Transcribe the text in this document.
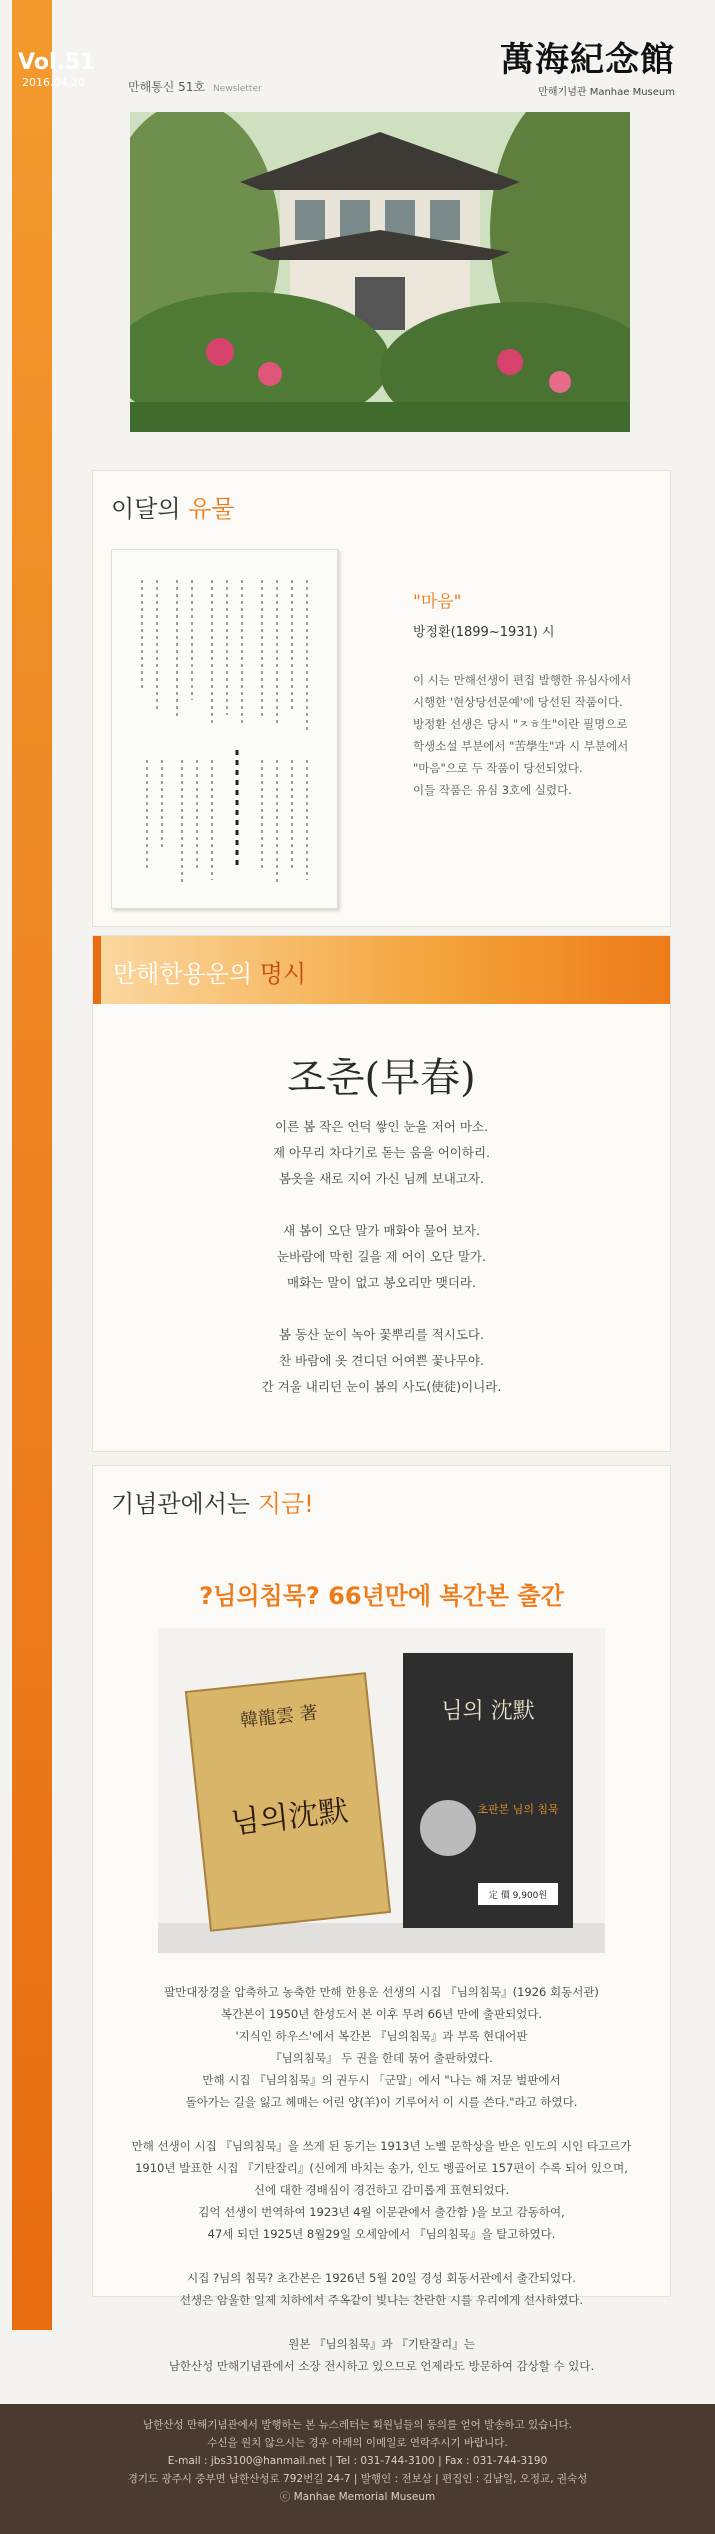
Vol.51
2016.04.20	만해통신 51호 Newsletter
萬海紀念館
만해기념관 Manhae Museum
이달의 유물
"마음"
방정환(1899~1931) 시
이 시는 만해선생이 편집 발행한 유심사에서
시행한 '현상당선문예'에 당선된 작품이다.
방정환 선생은 당시 "ㅈㅎ生"이란 필명으로
학생소설 부분에서 "苦學生"과 시 부분에서
"마음"으로 두 작품이 당선되었다.
이들 작품은 유심 3호에 실렸다.
만해한용운의 명시
조춘(早春)
이른 봄 작은 언덕 쌓인 눈을 저어 마소.
제 아무리 차다기로 돋는 움을 어이하리.
봄옷을 새로 지어 가신 님께 보내고자.
새 봄이 오단 말가 매화야 물어 보자.
눈바람에 막힌 길을 제 어이 오단 말가.
매화는 말이 없고 봉오리만 맺더라.
봄 동산 눈이 녹아 꽃뿌리를 적시도다.
찬 바람에 옷 견디던 어여쁜 꽃나무야.
간 겨울 내리던 눈이 봄의 사도(使徒)이니라.
기념관에서는 지금!
?님의침묵? 66년만에 복간본 출간
韓龍雲 著
님의沈默
님의 沈默
초판본 님의 침묵
定 價 9,900원
팔만대장경을 압축하고 농축한 만해 한용운 선생의 시집 『님의침묵』(1926 회동서관)
복간본이 1950년 한성도서 본 이후 무려 66년 만에 출판되었다.
'지식인 하우스'에서 복간본 『님의침묵』과 부록 현대어판
『님의침묵』 두 권을 한데 묶어 출판하였다.
만해 시집 『님의침묵』의 권두시 「군말」에서 "나는 해 저문 벌판에서
돌아가는 길을 잃고 헤매는 어린 양(羊)이 기루어서 이 시를 쓴다."라고 하였다.
만해 선생이 시집 『님의침묵』을 쓰게 된 동기는 1913년 노벨 문학상을 받은 인도의 시인 타고르가
1910년 발표한 시집 『기탄잘리』(신에게 바치는 송가, 인도 벵골어로 157편이 수록 되어 있으며,
신에 대한 경배심이 경건하고 감미롭게 표현되었다.
김억 선생이 번역하여 1923년 4월 이문관에서 출간함 )을 보고 감동하여,
47세 되던 1925년 8월29일 오세암에서 『님의침묵』을 탈고하였다.
시집 ?님의 침묵? 초간본은 1926년 5월 20일 경성 회동서관에서 출간되었다.
선생은 암울한 일제 치하에서 주옥같이 빛나는 찬란한 시를 우리에게 선사하였다.
원본 『님의침묵』과 『기탄잘리』는
남한산성 만해기념관에서 소장 전시하고 있으므로 언제라도 방문하여 감상할 수 있다.
남한산성 만해기념관에서 발행하는 본 뉴스레터는 회원님들의 동의를 얻어 발송하고 있습니다.
수신을 원치 않으시는 경우 아래의 이메일로 연락주시기 바랍니다.
E-mail : jbs3100@hanmail.net | Tel : 031-744-3100 | Fax : 031-744-3190
경기도 광주시 중부면 남한산성로 792번길 24-7 | 발행인 : 전보삼 | 편집인 : 김남일, 오정교, 권숙성
ⓒ Manhae Memorial Museum
